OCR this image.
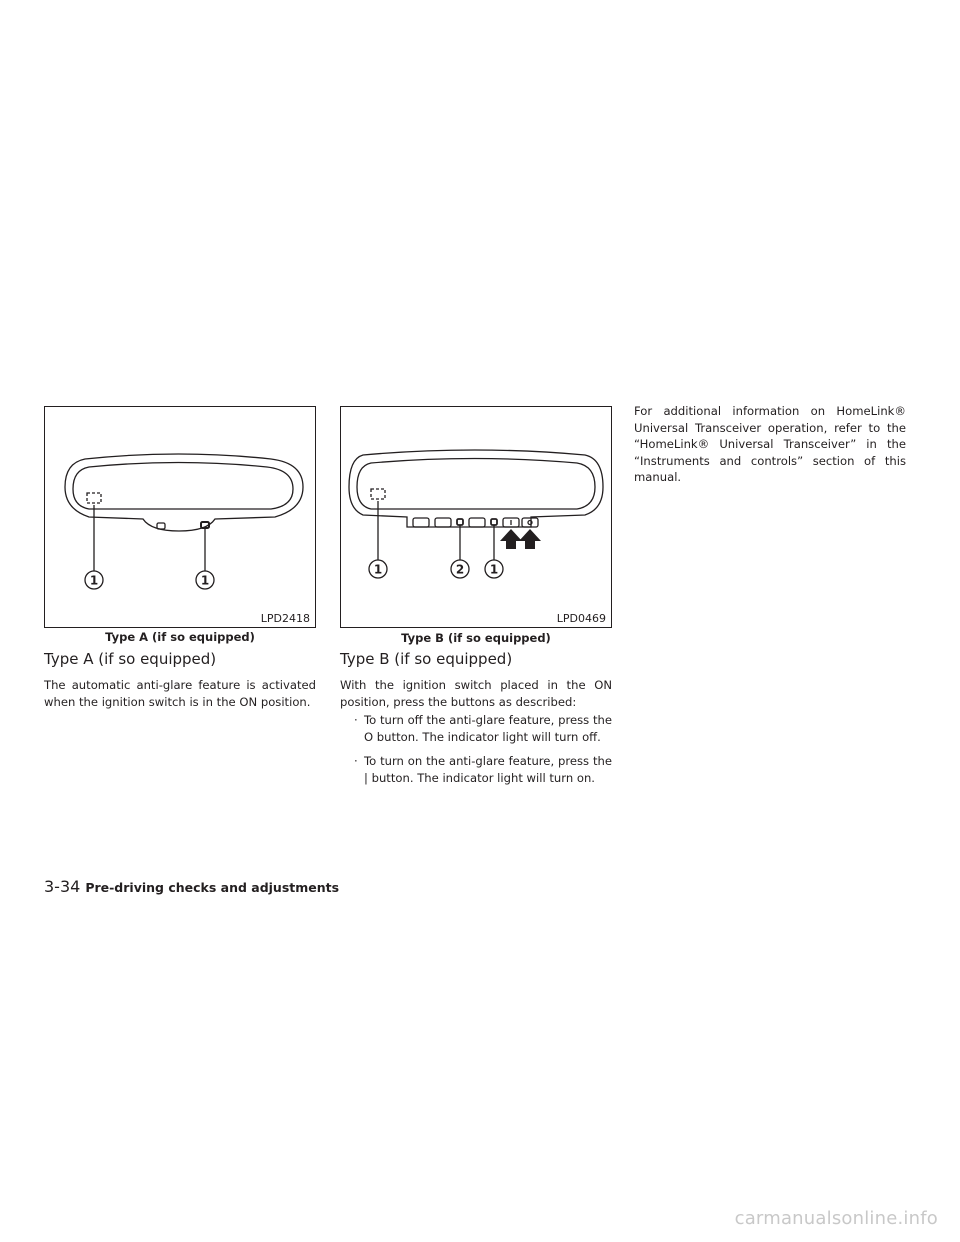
1	1
LPD2418
Type A (if so equipped)
1	2 1
LPD0469
Type B (if so equipped)
Type A (if so equipped)

The automatic anti-glare feature is activated when the ignition switch is in the ON position.

Type B (if so equipped)

With the ignition switch placed in the ON position, press the buttons as described:

· To turn off the anti-glare feature, press the O button. The indicator light will turn off.
· To turn on the anti-glare feature, press the | button. The indicator light will turn on.

For additional information on HomeLink® Universal Transceiver operation, refer to the “HomeLink® Universal Transceiver” in the “Instruments and controls” section of this manual.

3-34 Pre-driving checks and adjustments
carmanualsonline.info
